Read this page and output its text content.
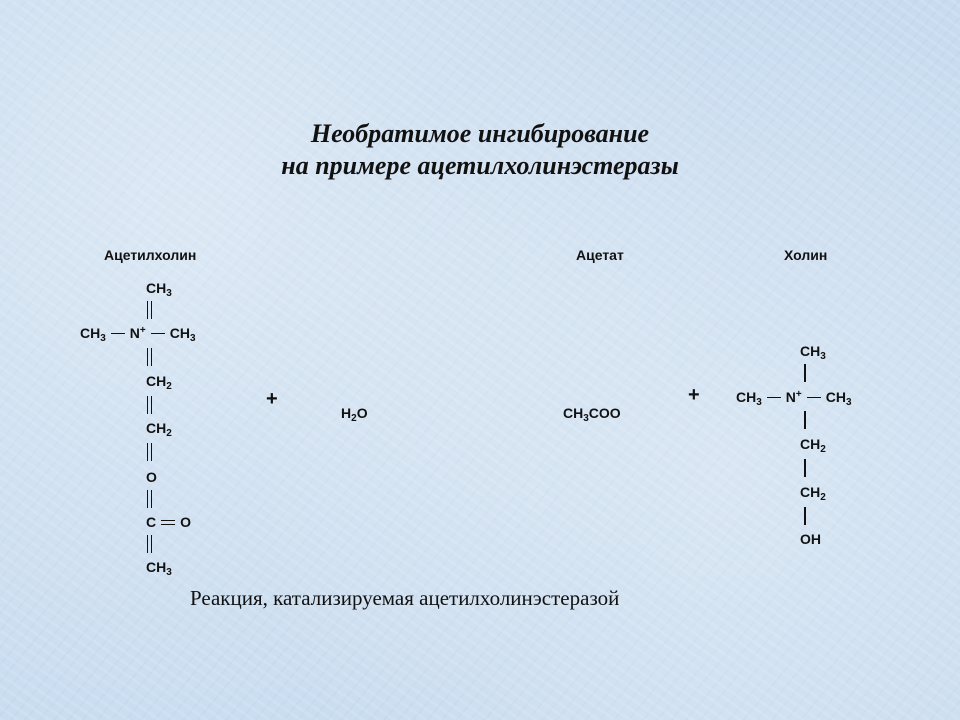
Необратимое ингибирование
на примере ацетилхолинэстеразы
Ацетилхолин	Ацетат	Холин
$CH_3$
$CH_3$ N+ $CH_3$
$CH_2$
$CH_2$
O
C O
$CH_3$
+	+
$H_2O$	$CH_3COO$
$CH_3$
$CH_3$ N+ $CH_3$
$CH_2$
$CH_2$
OH
Реакция, катализируемая ацетилхолинэстеразой
